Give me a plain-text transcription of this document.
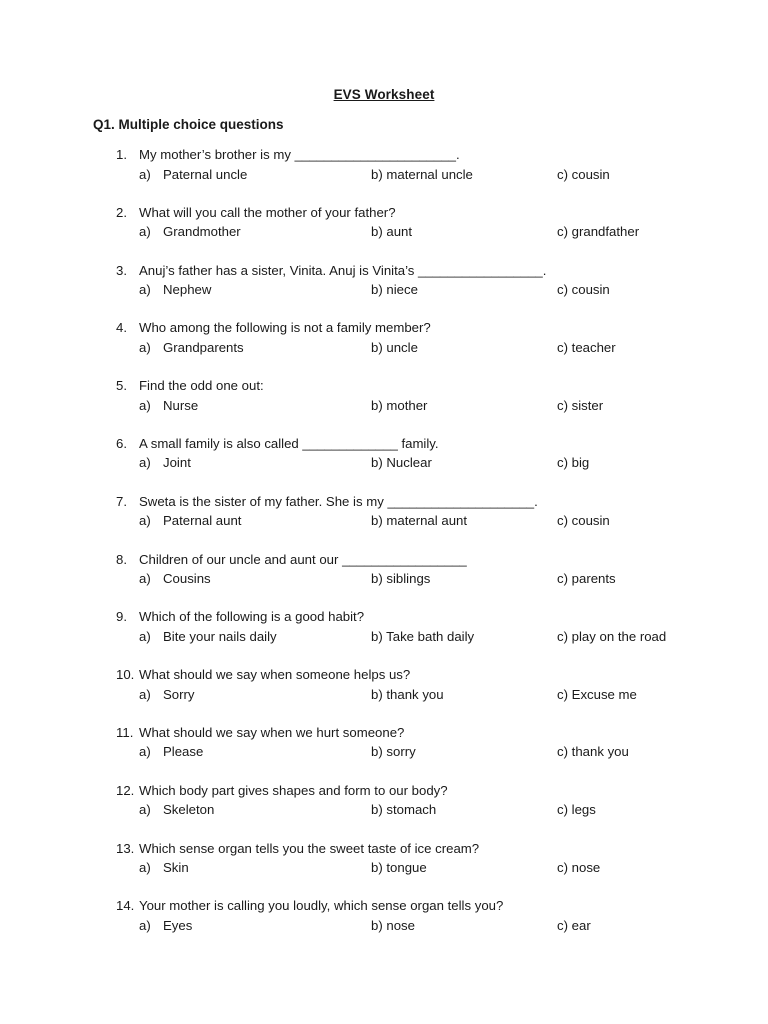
EVS Worksheet
Q1. Multiple choice questions
1. My mother’s brother is my ______________________.
a) Paternal uncle	b) maternal uncle	c) cousin
2. What will you call the mother of your father?
a) Grandmother	b) aunt	c) grandfather
3. Anuj’s father has a sister, Vinita. Anuj is Vinita’s _________________.
a) Nephew	b) niece	c) cousin
4. Who among the following is not a family member?
a) Grandparents	b) uncle	c) teacher
5. Find the odd one out:
a) Nurse	b) mother	c) sister
6. A small family is also called _____________ family.
a) Joint	b) Nuclear	c) big
7. Sweta is the sister of my father. She is my ____________________.
a) Paternal aunt	b) maternal aunt	c) cousin
8. Children of our uncle and aunt our _________________
a) Cousins	b) siblings	c) parents
9. Which of the following is a good habit?
a) Bite your nails daily	b) Take bath daily	c) play on the road
10. What should we say when someone helps us?
a) Sorry	b) thank you	c) Excuse me
11. What should we say when we hurt someone?
a) Please	b) sorry	c) thank you
12. Which body part gives shapes and form to our body?
a) Skeleton	b) stomach	c) legs
13. Which sense organ tells you the sweet taste of ice cream?
a) Skin	b) tongue	c) nose
14. Your mother is calling you loudly, which sense organ tells you?
a) Eyes	b) nose	c) ear
